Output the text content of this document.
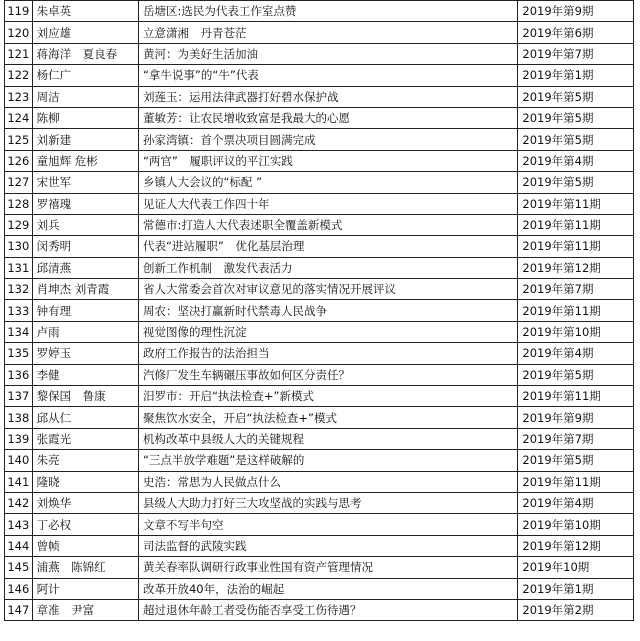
119	朱卓英	岳塘区:选民为代表工作室点赞	2019年第9期
120	刘应雄	立意潇湘　丹青苍茫	2019年第6期
121	蒋海洋　夏良春	黄河：为美好生活加油	2019年第7期
122	杨仁广	“拿牛说事”的“牛”代表	2019年第1期
123	周洁	刘莲玉：运用法律武器打好碧水保护战	2019年第5期
124	陈柳	董敏芳：让农民增收致富是我最大的心愿	2019年第5期
125	刘新建	孙家湾镇：首个票决项目圆满完成	2019年第5期
126	童旭辉 危彬	“两官”　履职评议的平江实践	2019年第4期
127	宋世军	乡镇人大会议的“标配 ”	2019年第5期
128	罗禧瑰	见证人大代表工作四十年	2019年第11期
129	刘兵	常德市:打造人大代表述职全覆盖新模式	2019年第11期
130	闵秀明	代表“进站履职”　优化基层治理	2019年第11期
131	邱清燕	创新工作机制　激发代表活力	2019年第12期
132	肖坤杰 刘青霞	省人大常委会首次对审议意见的落实情况开展评议	2019年第7期
133	钟有理	周农：坚决打赢新时代禁毒人民战争	2019年第11期
134	卢雨	视觉图像的理性沉淀	2019年第10期
135	罗婷玉	政府工作报告的法治担当	2019年第4期
136	李健	汽修厂发生车辆碾压事故如何区分责任？	2019年第5期
137	黎保国　鲁康	汨罗市：开启“执法检查+”新模式	2019年第11期
138	邱从仁	聚焦饮水安全，开启“执法检查+”模式	2019年第9期
139	张霞光	机构改革中县级人大的关键规程	2019年第7期
140	朱亮	“三点半放学难题”是这样破解的	2019年第5期
141	隆晓	史浩：常思为人民做点什么	2019年第11期
142	刘焕华	县级人大助力打好三大攻坚战的实践与思考	2019年第4期
143	丁必权	文章不写半句空	2019年第10期
144	曾帧	司法监督的武陵实践	2019年第12期
145	浦燕　陈锦红	黄关春率队调研行政事业性国有资产管理情况	2019年10期
146	阿计	改革开放40年，法治的崛起	2019年第1期
147	章准　尹富	超过退休年龄工者受伤能否享受工伤待遇？	2019年第2期
